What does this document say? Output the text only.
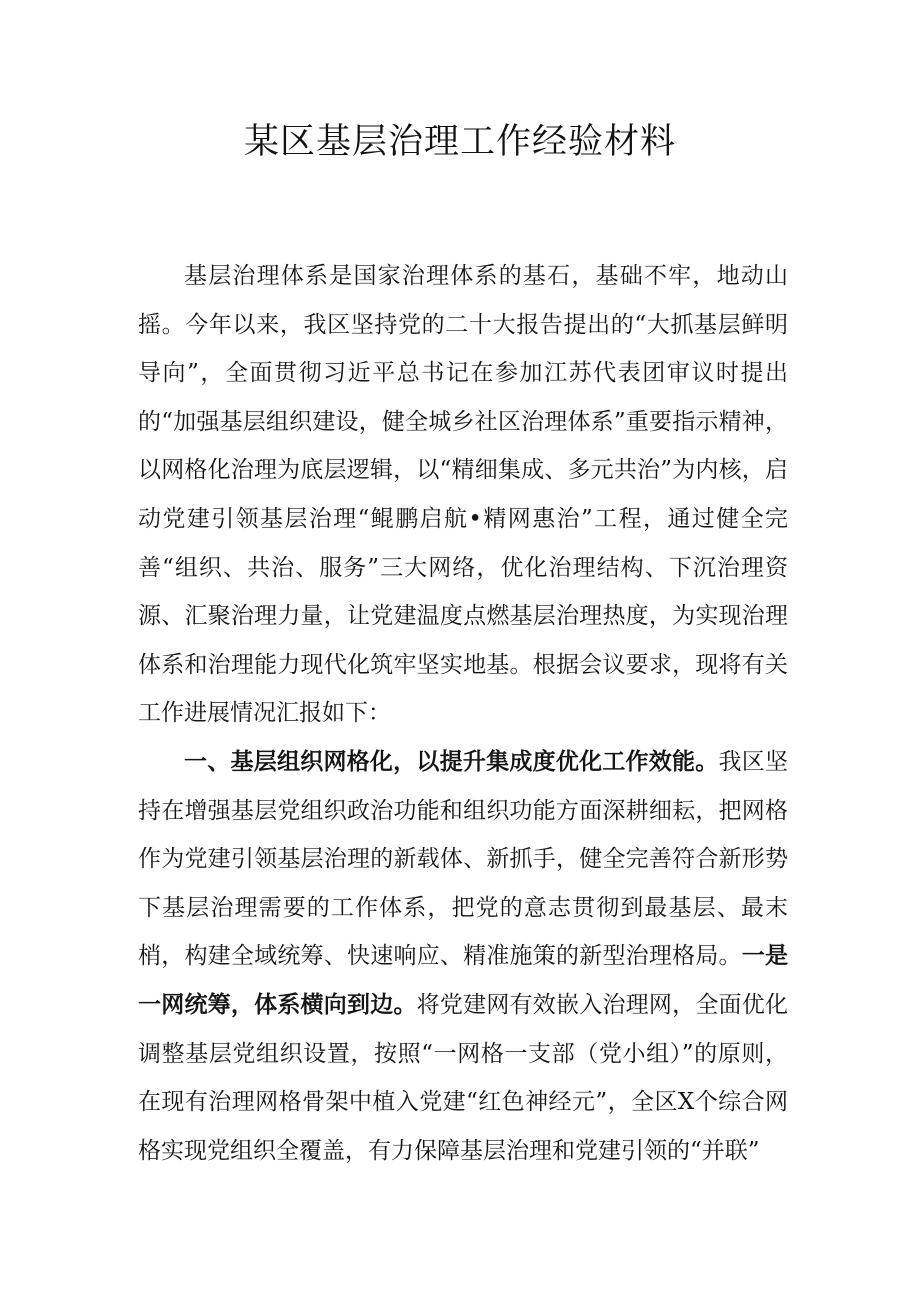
某区基层治理工作经验材料

基层治理体系是国家治理体系的基石，基础不牢，地动山摇。今年以来，我区坚持党的二十大报告提出的“大抓基层鲜明导向”，全面贯彻习近平总书记在参加江苏代表团审议时提出的“加强基层组织建设，健全城乡社区治理体系”重要指示精神，以网格化治理为底层逻辑，以“精细集成、多元共治”为内核，启动党建引领基层治理“鲲鹏启航•精网惠治”工程，通过健全完善“组织、共治、服务”三大网络，优化治理结构、下沉治理资源、汇聚治理力量，让党建温度点燃基层治理热度，为实现治理体系和治理能力现代化筑牢坚实地基。根据会议要求，现将有关工作进展情况汇报如下：

一、基层组织网格化，以提升集成度优化工作效能。我区坚持在增强基层党组织政治功能和组织功能方面深耕细耘，把网格作为党建引领基层治理的新载体、新抓手，健全完善符合新形势下基层治理需要的工作体系，把党的意志贯彻到最基层、最末梢，构建全域统筹、快速响应、精准施策的新型治理格局。一是一网统筹，体系横向到边。将党建网有效嵌入治理网，全面优化调整基层党组织设置，按照“一网格一支部（党小组）”的原则，在现有治理网格骨架中植入党建“红色神经元”，全区X个综合网格实现党组织全覆盖，有力保障基层治理和党建引领的“并联”
